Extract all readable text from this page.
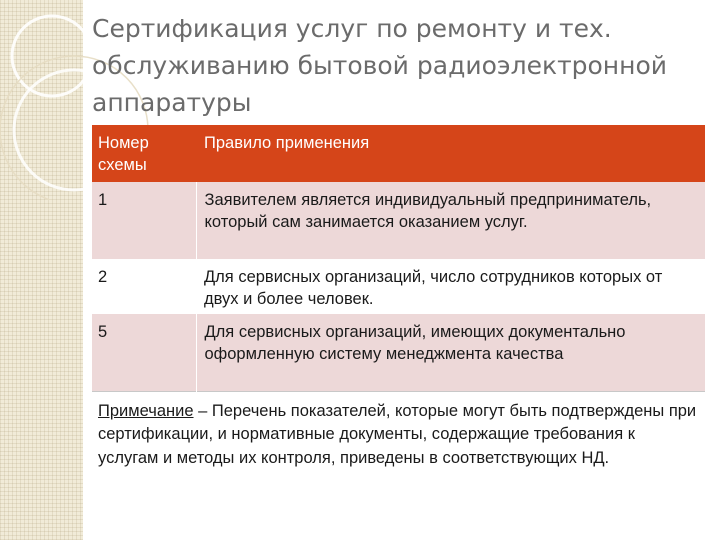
Сертификация услуг по ремонту и тех. обслуживанию бытовой радиоэлектронной аппаратуры
Номер схемы	Правило применения
1	Заявителем является индивидуальный предприниматель, который сам занимается оказанием услуг.
2	Для сервисных организаций, число сотрудников которых от двух и более человек.
5	Для сервисных организаций, имеющих документально оформленную систему менеджмента качества
Примечание – Перечень показателей, которые могут быть подтверждены при сертификации, и нормативные документы, содержащие требования к услугам и методы их контроля, приведены в соответствующих НД.	
